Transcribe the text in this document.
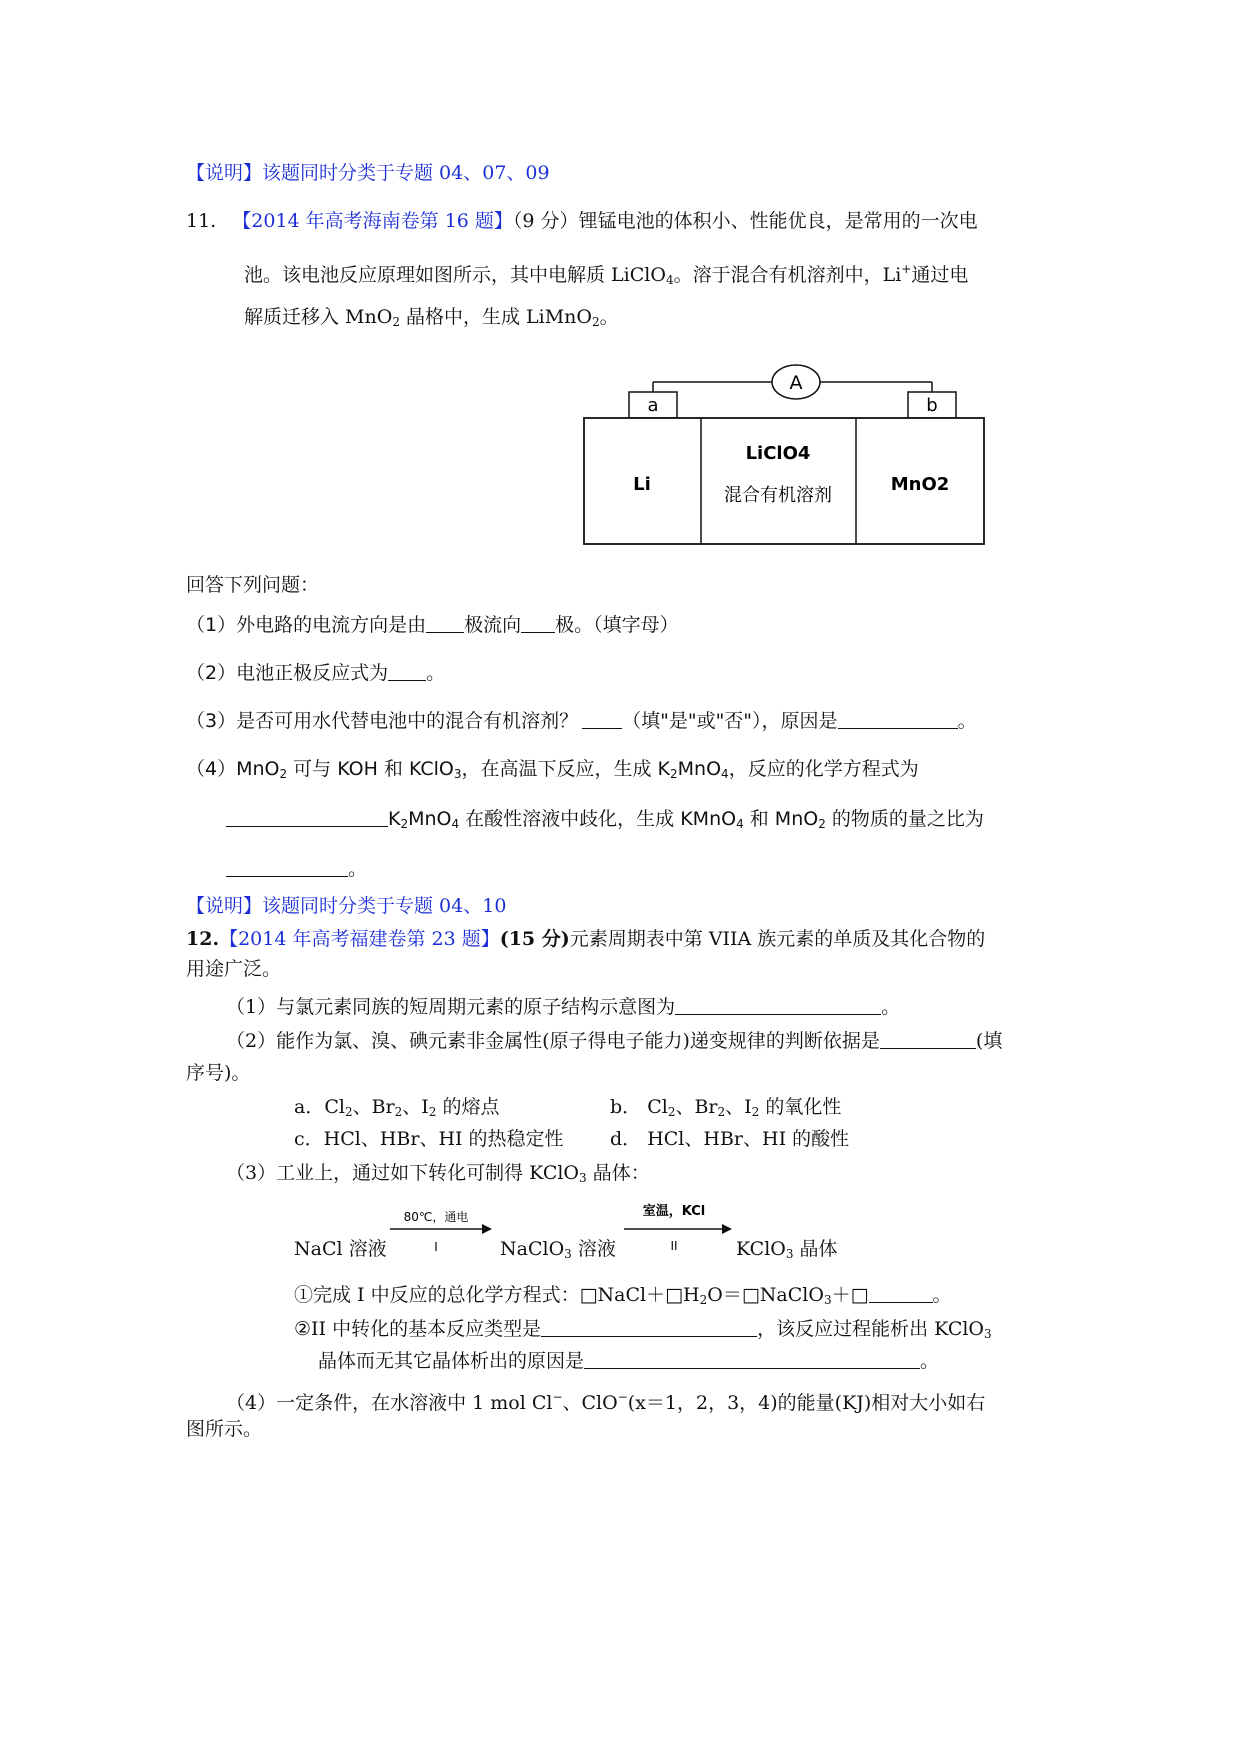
【说明】该题同时分类于专题 04、07、09
11. 【2014 年高考海南卷第 16 题】（9 分）锂锰电池的体积小、性能优良，是常用的一次电
池。该电池反应原理如图所示，其中电解质 LiClO$_4$。溶于混合有机溶剂中，Li+通过电
解质迁移入 MnO$_2$ 晶格中，生成 LiMnO$_2$。
A
a	b
Li
LiClO4
混合有机溶剂
MnO2
回答下列问题：
（1）外电路的电流方向是由 极流向 极。（填字母）
（2）电池正极反应式为 。
（3）是否可用水代替电池中的混合有机溶剂？ （填"是"或"否"），原因是	。
（4）MnO$_2$ 可与 KOH 和 KClO$_3$，在高温下反应，生成 $K_2MnO_4$，反应的化学方程式为
$K_2MnO_4$ 在酸性溶液中歧化，生成 KMnO$_4$ 和 MnO$_2$ 的物质的量之比为
。
【说明】该题同时分类于专题 04、10
12.【2014 年高考福建卷第 23 题】(15 分)元素周期表中第 VIIA 族元素的单质及其化合物的
用途广泛。
（1）与氯元素同族的短周期元素的原子结构示意图为	。
（2）能作为氯、溴、碘元素非金属性(原子得电子能力)递变规律的判断依据是	(填
序号)。
a．$Cl_2$、$Br_2$、$I_2$ 的熔点	b． $Cl_2$、$Br_2$、$I_2$ 的氧化性
c．HCl、HBr、HI 的热稳定性 d． HCl、HBr、HI 的酸性
（3）工业上，通过如下转化可制得 KClO$_3$ 晶体：
NaCl 溶液
80℃，通电
I	NaClO$_3$ 溶液
室温，KCl
II	KClO$_3$ 晶体
①完成 I 中反应的总化学方程式：$□NaCl+□H_2O=□NaClO_3+□$	。
②II 中转化的基本反应类型是	，该反应过程能析出 KClO$_3$
晶体而无其它晶体析出的原因是	。
（4）一定条件，在水溶液中 1 mol Cl−、ClO−(x＝1，2，3，4)的能量(KJ)相对大小如右
图所示。
